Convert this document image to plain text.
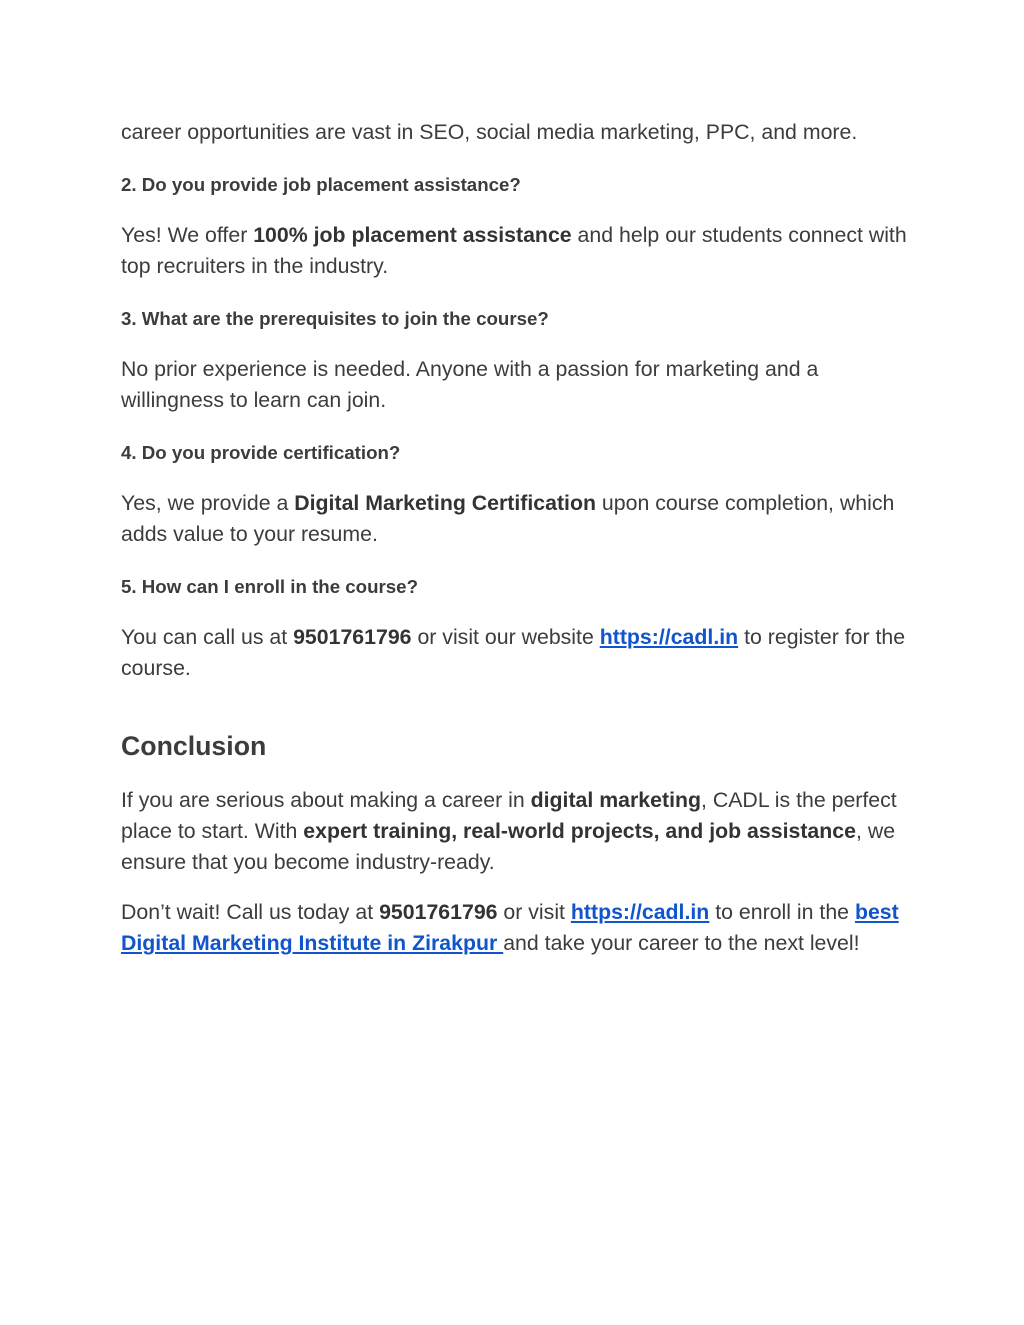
career opportunities are vast in SEO, social media marketing, PPC, and more.

2. Do you provide job placement assistance?

Yes! We offer 100% job placement assistance and help our students connect with top recruiters in the industry.

3. What are the prerequisites to join the course?

No prior experience is needed. Anyone with a passion for marketing and a willingness to learn can join.

4. Do you provide certification?

Yes, we provide a Digital Marketing Certification upon course completion, which adds value to your resume.

5. How can I enroll in the course?

You can call us at 9501761796 or visit our website https://cadl.in to register for the course.

Conclusion

If you are serious about making a career in digital marketing, CADL is the perfect place to start. With expert training, real-world projects, and job assistance, we ensure that you become industry-ready.

Don’t wait! Call us today at 9501761796 or visit https://cadl.in to enroll in the best Digital Marketing Institute in Zirakpur and take your career to the next level!
